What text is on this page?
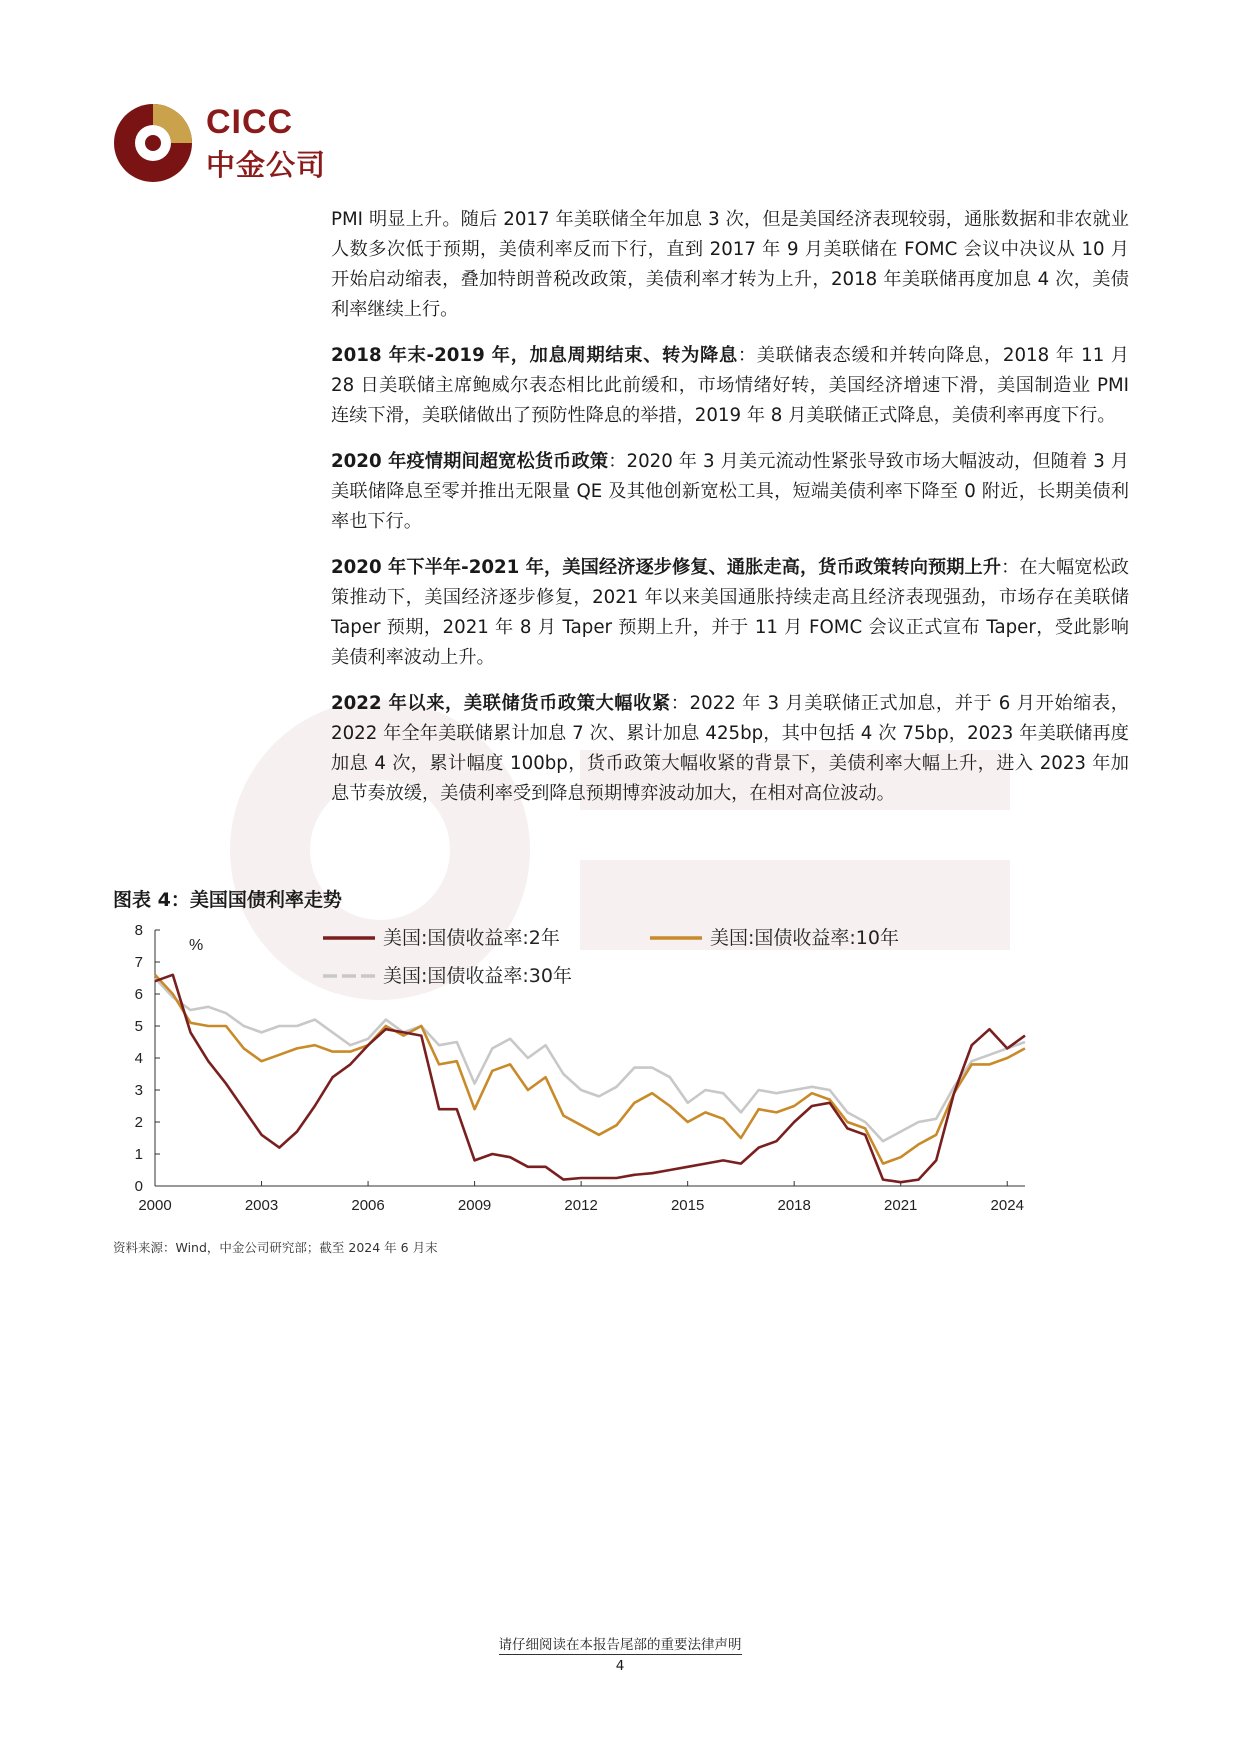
CICC
中金公司

PMI 明显上升。随后 2017 年美联储全年加息 3 次，但是美国经济表现较弱，通胀数据和非农就业人数多次低于预期，美债利率反而下行，直到 2017 年 9 月美联储在 FOMC 会议中决议从 10 月开始启动缩表，叠加特朗普税改政策，美债利率才转为上升，2018 年美联储再度加息 4 次，美债利率继续上行。

2018 年末-2019 年，加息周期结束、转为降息：美联储表态缓和并转向降息，2018 年 11 月 28 日美联储主席鲍威尔表态相比此前缓和，市场情绪好转，美国经济增速下滑，美国制造业 PMI 连续下滑，美联储做出了预防性降息的举措，2019 年 8 月美联储正式降息，美债利率再度下行。

2020 年疫情期间超宽松货币政策：2020 年 3 月美元流动性紧张导致市场大幅波动，但随着 3 月美联储降息至零并推出无限量 QE 及其他创新宽松工具，短端美债利率下降至 0 附近，长期美债利率也下行。

2020 年下半年-2021 年，美国经济逐步修复、通胀走高，货币政策转向预期上升：在大幅宽松政策推动下，美国经济逐步修复，2021 年以来美国通胀持续走高且经济表现强劲，市场存在美联储 Taper 预期，2021 年 8 月 Taper 预期上升，并于 11 月 FOMC 会议正式宣布 Taper，受此影响美债利率波动上升。

2022 年以来，美联储货币政策大幅收紧：2022 年 3 月美联储正式加息，并于 6 月开始缩表，2022 年全年美联储累计加息 7 次、累计加息 425bp，其中包括 4 次 75bp，2023 年美联储再度加息 4 次，累计幅度 100bp，货币政策大幅收紧的背景下，美债利率大幅上升，进入 2023 年加息节奏放缓，美债利率受到降息预期博弈波动加大，在相对高位波动。

图表 4：美国国债利率走势
0
1
2
3
4
5
6
7
8
%
2000	2003	2006	2009	2012	2015	2018	2021	2024
美国:国债收益率:2年	美国:国债收益率:10年
美国:国债收益率:30年
资料来源：Wind，中金公司研究部；截至 2024 年 6 月末
请仔细阅读在本报告尾部的重要法律声明
4
